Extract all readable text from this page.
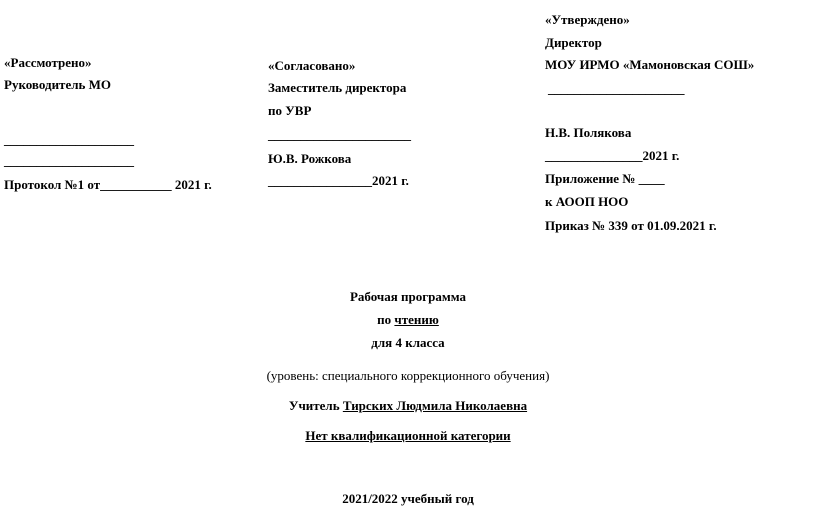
«Рассмотрено»
Руководитель МО
____________________
____________________
Протокол №1 от___________ 2021 г.
«Согласовано»
Заместитель директора
по УВР
______________________
Ю.В. Рожкова
________________2021 г.
«Утверждено»
Директор
МОУ ИРМО «Мамоновская СОШ»
_____________________
Н.В. Полякова
_______________2021 г.
Приложение № ____
к АООП НОО
Приказ № 339 от 01.09.2021 г.
Рабочая программа
по чтению
для 4 класса
(уровень: специального коррекционного обучения)
Учитель Тирских Людмила Николаевна
Нет квалификационной категории
2021/2022 учебный год
